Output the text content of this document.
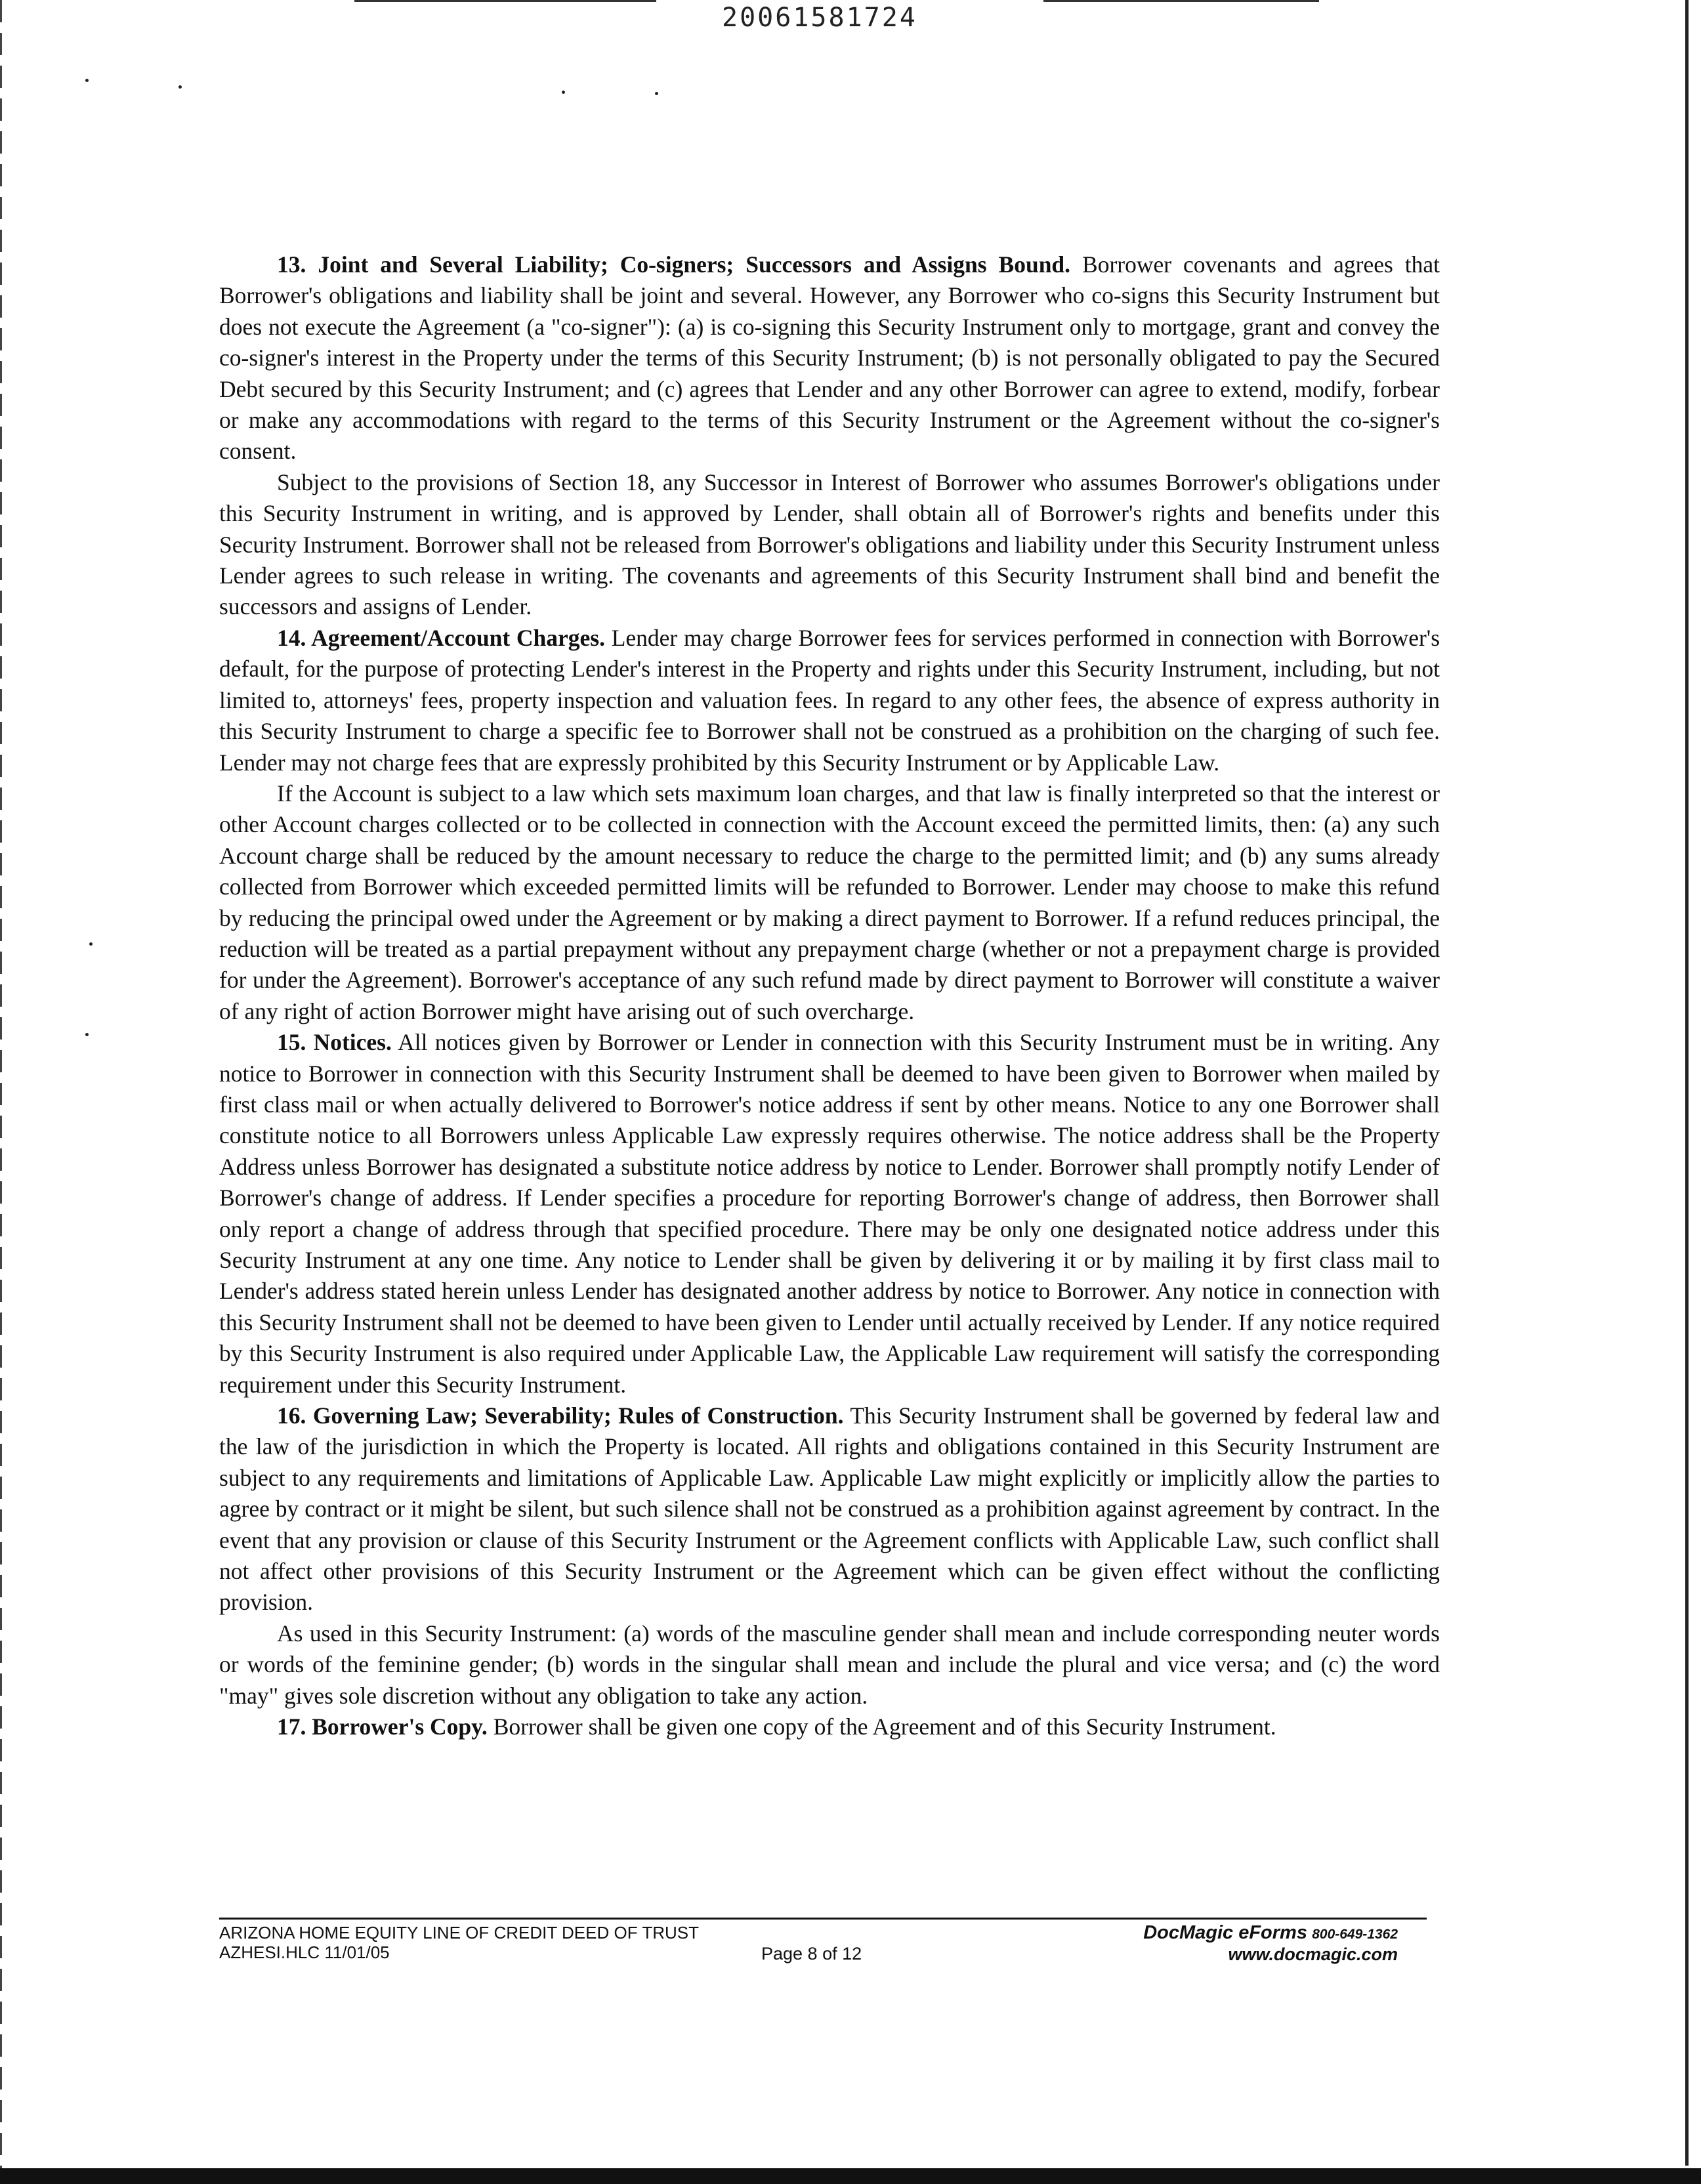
20061581724

13. Joint and Several Liability; Co-signers; Successors and Assigns Bound. Borrower covenants and agrees that Borrower's obligations and liability shall be joint and several. However, any Borrower who co-signs this Security Instrument but does not execute the Agreement (a "co-signer"): (a) is co-signing this Security Instrument only to mortgage, grant and convey the co-signer's interest in the Property under the terms of this Security Instrument; (b) is not personally obligated to pay the Secured Debt secured by this Security Instrument; and (c) agrees that Lender and any other Borrower can agree to extend, modify, forbear or make any accommodations with regard to the terms of this Security Instrument or the Agreement without the co-signer's consent.

Subject to the provisions of Section 18, any Successor in Interest of Borrower who assumes Borrower's obligations under this Security Instrument in writing, and is approved by Lender, shall obtain all of Borrower's rights and benefits under this Security Instrument. Borrower shall not be released from Borrower's obligations and liability under this Security Instrument unless Lender agrees to such release in writing. The covenants and agreements of this Security Instrument shall bind and benefit the successors and assigns of Lender.

14. Agreement/Account Charges. Lender may charge Borrower fees for services performed in connection with Borrower's default, for the purpose of protecting Lender's interest in the Property and rights under this Security Instrument, including, but not limited to, attorneys' fees, property inspection and valuation fees. In regard to any other fees, the absence of express authority in this Security Instrument to charge a specific fee to Borrower shall not be construed as a prohibition on the charging of such fee. Lender may not charge fees that are expressly prohibited by this Security Instrument or by Applicable Law.

If the Account is subject to a law which sets maximum loan charges, and that law is finally interpreted so that the interest or other Account charges collected or to be collected in connection with the Account exceed the permitted limits, then: (a) any such Account charge shall be reduced by the amount necessary to reduce the charge to the permitted limit; and (b) any sums already collected from Borrower which exceeded permitted limits will be refunded to Borrower. Lender may choose to make this refund by reducing the principal owed under the Agreement or by making a direct payment to Borrower. If a refund reduces principal, the reduction will be treated as a partial prepayment without any prepayment charge (whether or not a prepayment charge is provided for under the Agreement). Borrower's acceptance of any such refund made by direct payment to Borrower will constitute a waiver of any right of action Borrower might have arising out of such overcharge.

15. Notices. All notices given by Borrower or Lender in connection with this Security Instrument must be in writing. Any notice to Borrower in connection with this Security Instrument shall be deemed to have been given to Borrower when mailed by first class mail or when actually delivered to Borrower's notice address if sent by other means. Notice to any one Borrower shall constitute notice to all Borrowers unless Applicable Law expressly requires otherwise. The notice address shall be the Property Address unless Borrower has designated a substitute notice address by notice to Lender. Borrower shall promptly notify Lender of Borrower's change of address. If Lender specifies a procedure for reporting Borrower's change of address, then Borrower shall only report a change of address through that specified procedure. There may be only one designated notice address under this Security Instrument at any one time. Any notice to Lender shall be given by delivering it or by mailing it by first class mail to Lender's address stated herein unless Lender has designated another address by notice to Borrower. Any notice in connection with this Security Instrument shall not be deemed to have been given to Lender until actually received by Lender. If any notice required by this Security Instrument is also required under Applicable Law, the Applicable Law requirement will satisfy the corresponding requirement under this Security Instrument.

16. Governing Law; Severability; Rules of Construction. This Security Instrument shall be governed by federal law and the law of the jurisdiction in which the Property is located. All rights and obligations contained in this Security Instrument are subject to any requirements and limitations of Applicable Law. Applicable Law might explicitly or implicitly allow the parties to agree by contract or it might be silent, but such silence shall not be construed as a prohibition against agreement by contract. In the event that any provision or clause of this Security Instrument or the Agreement conflicts with Applicable Law, such conflict shall not affect other provisions of this Security Instrument or the Agreement which can be given effect without the conflicting provision.

As used in this Security Instrument: (a) words of the masculine gender shall mean and include corresponding neuter words or words of the feminine gender; (b) words in the singular shall mean and include the plural and vice versa; and (c) the word "may" gives sole discretion without any obligation to take any action.

17. Borrower's Copy. Borrower shall be given one copy of the Agreement and of this Security Instrument.

ARIZONA HOME EQUITY LINE OF CREDIT DEED OF TRUST
AZHESI.HLC 11/01/05	Page 8 of 12
DocMagic eForms 800-649-1362
www.docmagic.com
